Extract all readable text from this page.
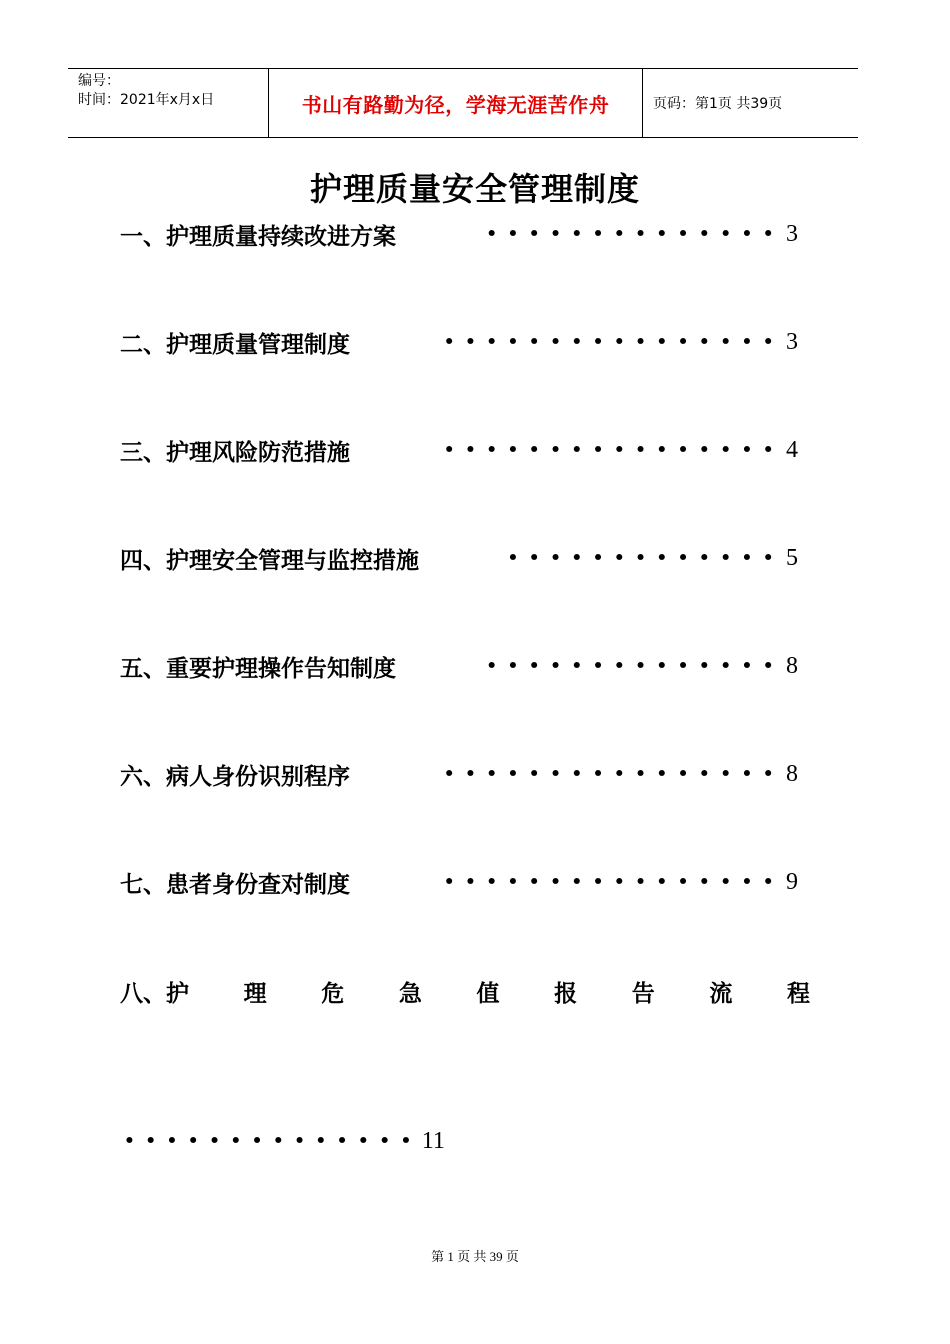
编号：
时间：2021年x月x日	书山有路勤为径，学海无涯苦作舟	页码：第1页 共39页
护理质量安全管理制度
一、护理质量持续改进方案	•••••••••••••• 3
二、护理质量管理制度	•••••••••••••••• 3
三、护理风险防范措施	•••••••••••••••• 4
四、护理安全管理与监控措施	••••••••••••• 5
五、重要护理操作告知制度	•••••••••••••• 8
六、病人身份识别程序	•••••••••••••••• 8
七、患者身份查对制度	•••••••••••••••• 9
八、护 理 危 急 值 报 告 流 程
•••••••••••••• 11
第 1 页 共 39 页
